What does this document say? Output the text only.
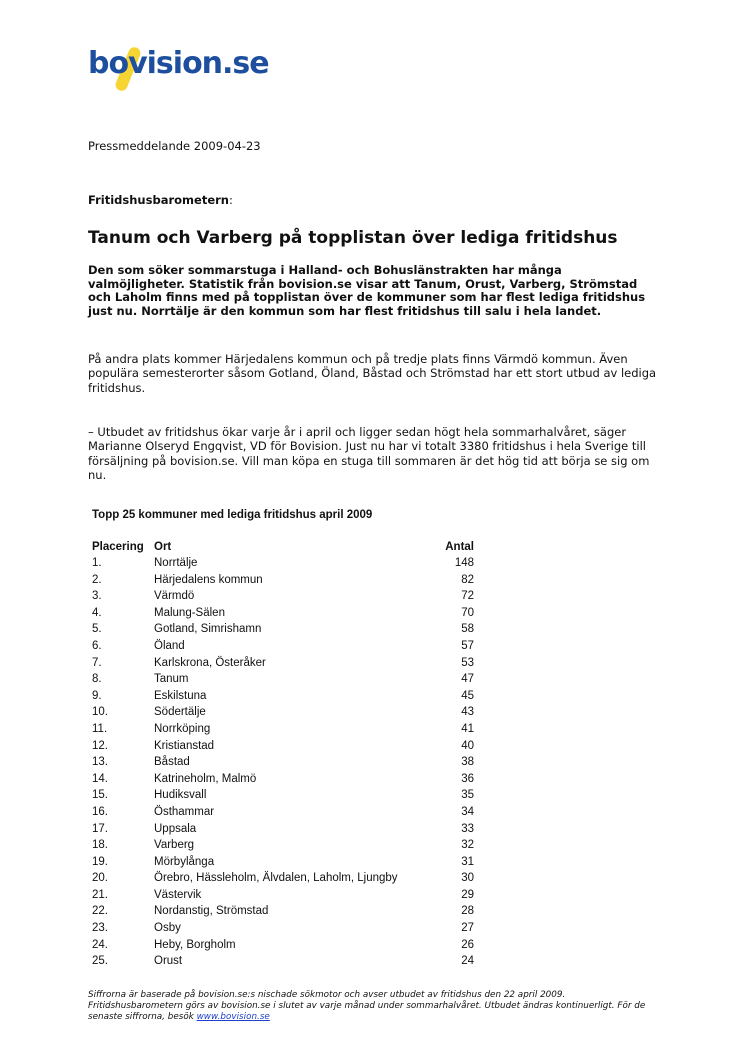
bovision.se
Pressmeddelande 2009-04-23
Fritidshusbarometern:
Tanum och Varberg på topplistan över lediga fritidshus

Den som söker sommarstuga i Halland- och Bohuslänstrakten har många valmöjligheter. Statistik från bovision.se visar att Tanum, Orust, Varberg, Strömstad och Laholm finns med på topplistan över de kommuner som har flest lediga fritidshus just nu. Norrtälje är den kommun som har flest fritidshus till salu i hela landet.

På andra plats kommer Härjedalens kommun och på tredje plats finns Värmdö kommun. Även populära semesterorter såsom Gotland, Öland, Båstad och Strömstad har ett stort utbud av lediga fritidshus.

– Utbudet av fritidshus ökar varje år i april och ligger sedan högt hela sommarhalvåret, säger Marianne Olseryd Engqvist, VD för Bovision. Just nu har vi totalt 3380 fritidshus i hela Sverige till försäljning på bovision.se. Vill man köpa en stuga till sommaren är det hög tid att börja se sig om nu.

Topp 25 kommuner med lediga fritidshus april 2009
Placering Ort	Antal
1.	Norrtälje	148
2.	Härjedalens kommun	82
3.	Värmdö	72
4.	Malung-Sälen	70
5.	Gotland, Simrishamn	58
6.	Öland	57
7.	Karlskrona, Österåker	53
8.	Tanum	47
9.	Eskilstuna	45
10.	Södertälje	43
11.	Norrköping	41
12.	Kristianstad	40
13.	Båstad	38
14.	Katrineholm, Malmö	36
15.	Hudiksvall	35
16.	Östhammar	34
17.	Uppsala	33
18.	Varberg	32
19.	Mörbylånga	31
20.	Örebro, Hässleholm, Älvdalen, Laholm, Ljungby	30
21.	Västervik	29
22.	Nordanstig, Strömstad	28
23.	Osby	27
24.	Heby, Borgholm	26
25.	Orust	24

Siffrorna är baserade på bovision.se:s nischade sökmotor och avser utbudet av fritidshus den 22 april 2009. Fritidshusbarometern görs av bovision.se i slutet av varje månad under sommarhalvåret. Utbudet ändras kontinuerligt. För de senaste siffrorna, besök www.bovision.se
